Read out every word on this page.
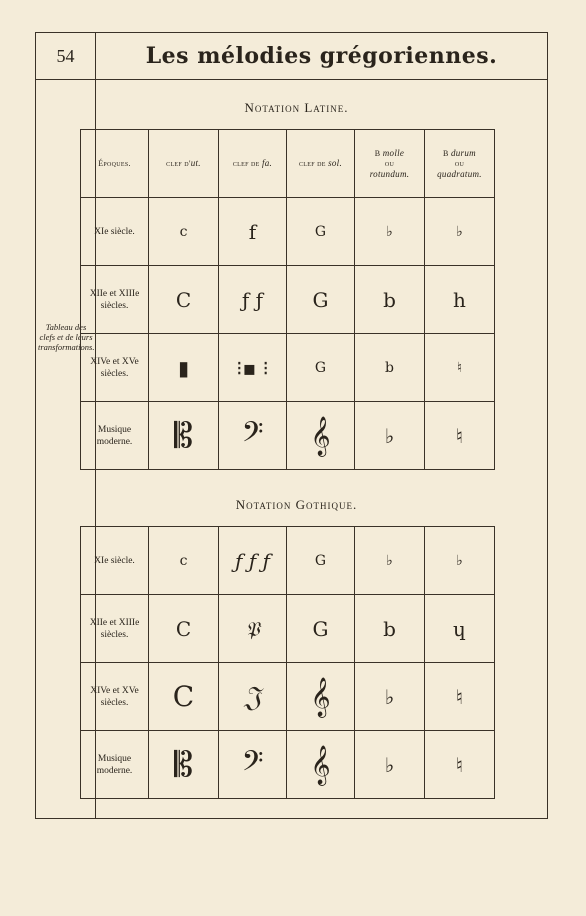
54	Les mélodies grégoriennes.
Tableau des clefs et de leurs transformations.
Notation Latine.
Époques.	clef d'ut.	clef de fa.	clef de sol.	B molle
ou
rotundum.	B durum
ou
quadratum.
XIe siècle.	c	f	G	♭	♭
XIIe et XIIIe siècles.	C	ƒ ƒ	G	b	h
XIVe et XVe siècles.	▮	⁝▪ ⁝	G	b	♮
Musique moderne.	𝄡	𝄢	𝄞	♭	♮
Notation Gothique.
XIe siècle.	c	ƒ ƒ ƒ	G	♭	♭
XIIe et XIIIe siècles.	C	𝔓	G	b	ɥ
XIVe et XVe siècles.	C	𝔍	𝄞	♭	♮
Musique moderne.	𝄡	𝄢	𝄞	♭	♮
